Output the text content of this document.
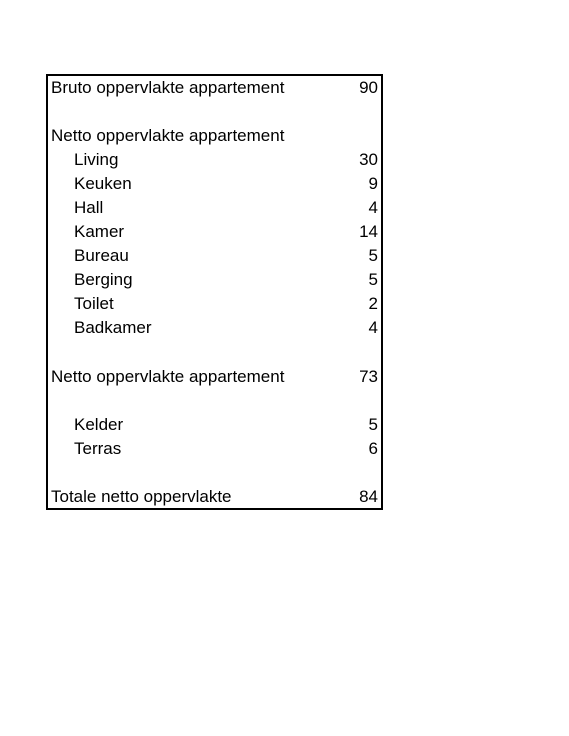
Bruto oppervlakte appartement	90
Netto oppervlakte appartement
Living	30
Keuken	9
Hall	4
Kamer	14
Bureau	5
Berging	5
Toilet	2
Badkamer	4
Netto oppervlakte appartement	73
Kelder	5
Terras	6
Totale netto oppervlakte	84
